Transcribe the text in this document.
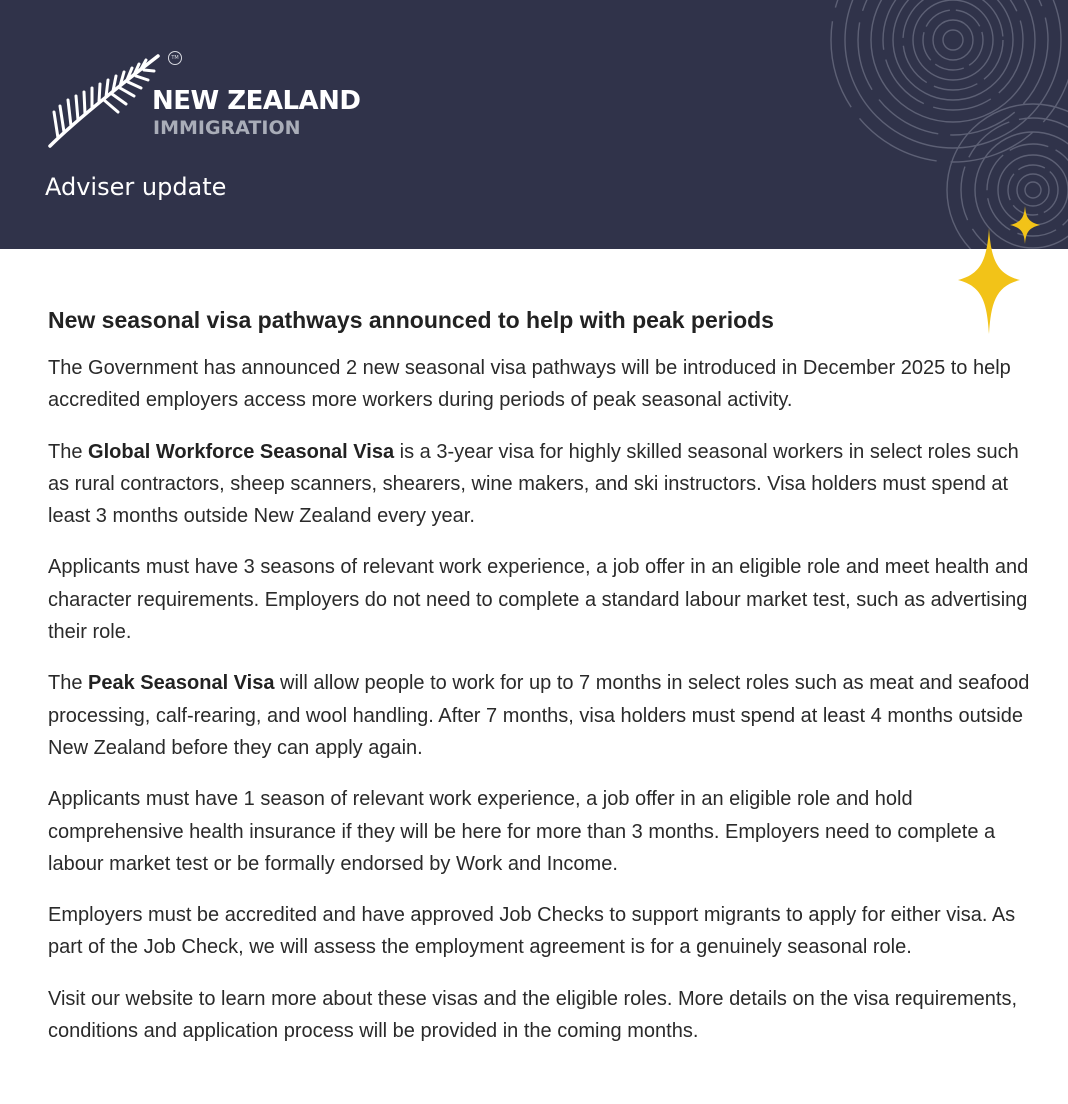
TM
NEW ZEALAND
IMMIGRATION
Adviser update
New seasonal visa pathways announced to help with peak periods

The Government has announced 2 new seasonal visa pathways will be introduced in December 2025 to help accredited employers access more workers during periods of peak seasonal activity.

The Global Workforce Seasonal Visa is a 3-year visa for highly skilled seasonal workers in select roles such as rural contractors, sheep scanners, shearers, wine makers, and ski instructors. Visa holders must spend at least 3 months outside New Zealand every year.

Applicants must have 3 seasons of relevant work experience, a job offer in an eligible role and meet health and character requirements. Employers do not need to complete a standard labour market test, such as advertising their role.

The Peak Seasonal Visa will allow people to work for up to 7 months in select roles such as meat and seafood processing, calf-rearing, and wool handling. After 7 months, visa holders must spend at least 4 months outside New Zealand before they can apply again.

Applicants must have 1 season of relevant work experience, a job offer in an eligible role and hold comprehensive health insurance if they will be here for more than 3 months. Employers need to complete a labour market test or be formally endorsed by Work and Income.

Employers must be accredited and have approved Job Checks to support migrants to apply for either visa. As part of the Job Check, we will assess the employment agreement is for a genuinely seasonal role.

Visit our website to learn more about these visas and the eligible roles. More details on the visa requirements, conditions and application process will be provided in the coming months.
